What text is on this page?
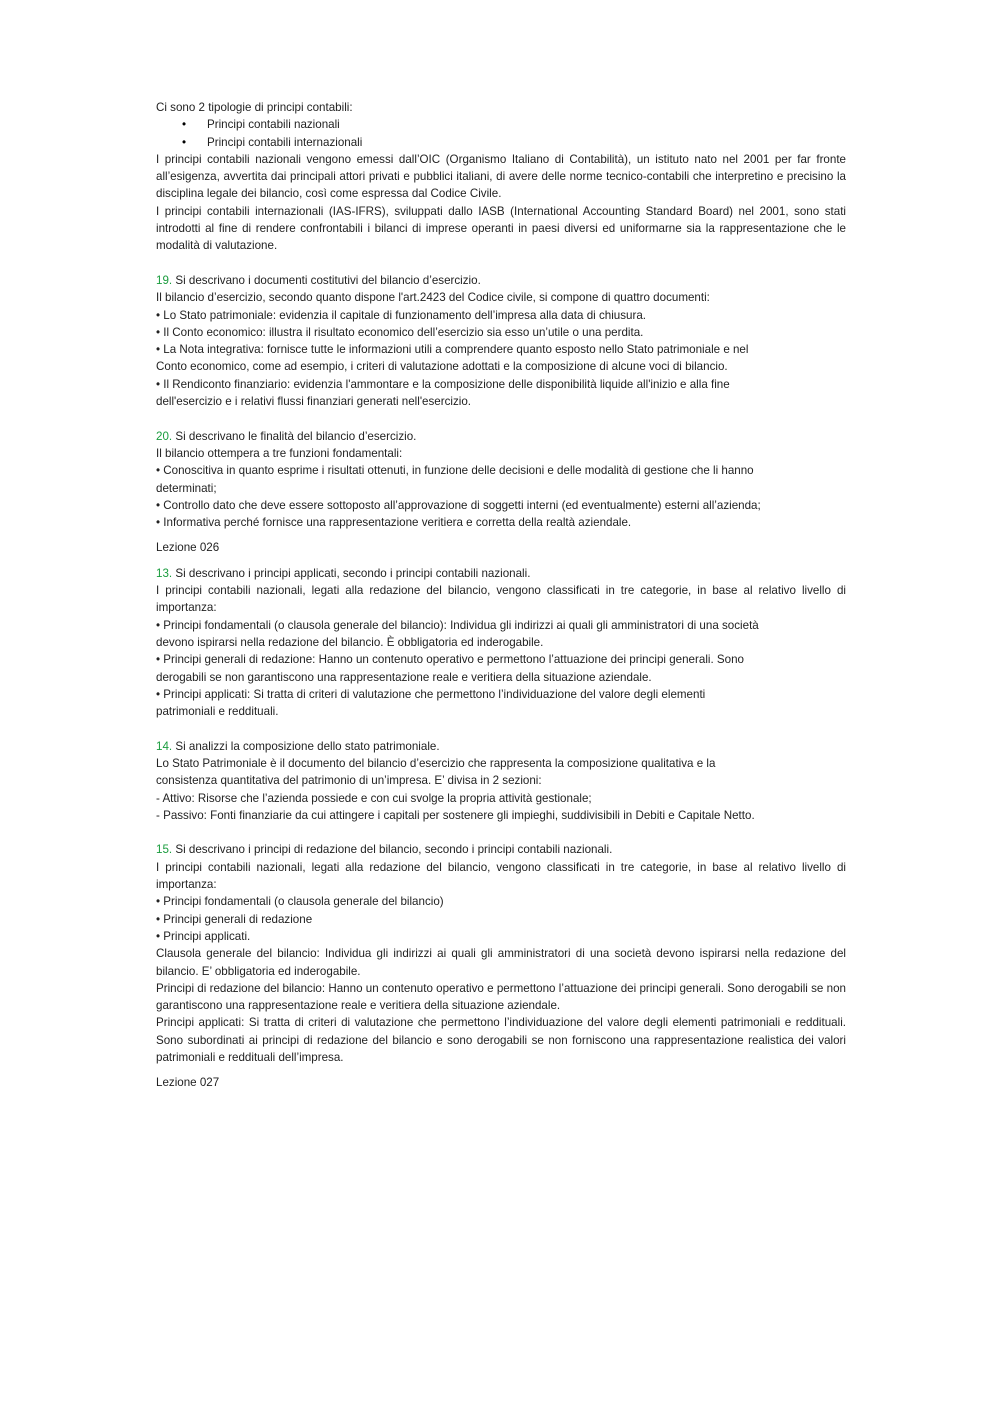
Ci sono 2 tipologie di principi contabili:

• Principi contabili nazionali
• Principi contabili internazionali

I principi contabili nazionali vengono emessi dall’OIC (Organismo Italiano di Contabilità), un istituto nato nel 2001 per far fronte all’esigenza, avvertita dai principali attori privati e pubblici italiani, di avere delle norme tecnico-contabili che interpretino e precisino la disciplina legale dei bilancio, così come espressa dal Codice Civile.

I principi contabili internazionali (IAS-IFRS), sviluppati dallo IASB (International Accounting Standard Board) nel 2001, sono stati introdotti al fine di rendere confrontabili i bilanci di imprese operanti in paesi diversi ed uniformarne sia la rappresentazione che le modalità di valutazione.

19. Si descrivano i documenti costitutivi del bilancio d’esercizio.

Il bilancio d’esercizio, secondo quanto dispone l'art.2423 del Codice civile, si compone di quattro documenti:

• Lo Stato patrimoniale: evidenzia il capitale di funzionamento dell’impresa alla data di chiusura.

• Il Conto economico: illustra il risultato economico dell’esercizio sia esso un’utile o una perdita.

• La Nota integrativa: fornisce tutte le informazioni utili a comprendere quanto esposto nello Stato patrimoniale e nel

Conto economico, come ad esempio, i criteri di valutazione adottati e la composizione di alcune voci di bilancio.

• Il Rendiconto finanziario: evidenzia l'ammontare e la composizione delle disponibilità liquide all'inizio e alla fine

dell'esercizio e i relativi flussi finanziari generati nell'esercizio.

20. Si descrivano le finalità del bilancio d’esercizio.

Il bilancio ottempera a tre funzioni fondamentali:

• Conoscitiva in quanto esprime i risultati ottenuti, in funzione delle decisioni e delle modalità di gestione che li hanno

determinati;

• Controllo dato che deve essere sottoposto all’approvazione di soggetti interni (ed eventualmente) esterni all’azienda;

• Informativa perché fornisce una rappresentazione veritiera e corretta della realtà aziendale.

Lezione 026

13. Si descrivano i principi applicati, secondo i principi contabili nazionali.

I principi contabili nazionali, legati alla redazione del bilancio, vengono classificati in tre categorie, in base al relativo livello di importanza:

• Principi fondamentali (o clausola generale del bilancio): Individua gli indirizzi ai quali gli amministratori di una società

devono ispirarsi nella redazione del bilancio. È obbligatoria ed inderogabile.

• Principi generali di redazione: Hanno un contenuto operativo e permettono l’attuazione dei principi generali. Sono

derogabili se non garantiscono una rappresentazione reale e veritiera della situazione aziendale.

• Principi applicati: Si tratta di criteri di valutazione che permettono l’individuazione del valore degli elementi

patrimoniali e reddituali.

14. Si analizzi la composizione dello stato patrimoniale.

Lo Stato Patrimoniale è il documento del bilancio d’esercizio che rappresenta la composizione qualitativa e la

consistenza quantitativa del patrimonio di un’impresa. E’ divisa in 2 sezioni:

- Attivo: Risorse che l’azienda possiede e con cui svolge la propria attività gestionale;

- Passivo: Fonti finanziarie da cui attingere i capitali per sostenere gli impieghi, suddivisibili in Debiti e Capitale Netto.

15. Si descrivano i principi di redazione del bilancio, secondo i principi contabili nazionali.

I principi contabili nazionali, legati alla redazione del bilancio, vengono classificati in tre categorie, in base al relativo livello di importanza:

• Principi fondamentali (o clausola generale del bilancio)

• Principi generali di redazione

• Principi applicati.

Clausola generale del bilancio: Individua gli indirizzi ai quali gli amministratori di una società devono ispirarsi nella redazione del bilancio. E’ obbligatoria ed inderogabile.

Principi di redazione del bilancio: Hanno un contenuto operativo e permettono l’attuazione dei principi generali. Sono derogabili se non garantiscono una rappresentazione reale e veritiera della situazione aziendale.

Principi applicati: Si tratta di criteri di valutazione che permettono l’individuazione del valore degli elementi patrimoniali e reddituali. Sono subordinati ai principi di redazione del bilancio e sono derogabili se non forniscono una rappresentazione realistica dei valori patrimoniali e reddituali dell’impresa.

Lezione 027
